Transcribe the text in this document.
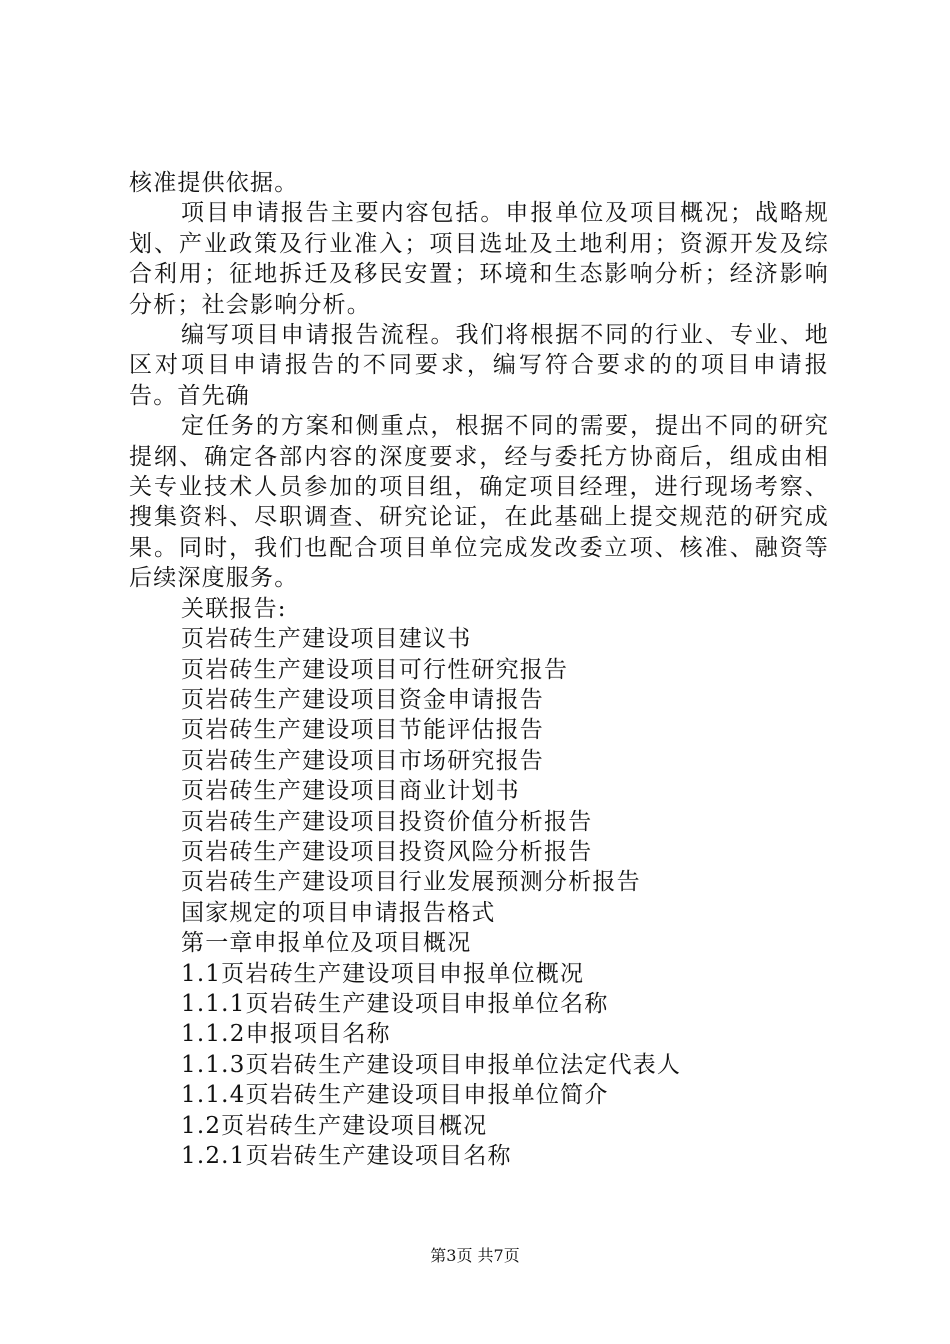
核准提供依据。

项目申请报告主要内容包括。申报单位及项目概况；战略规划、产业政策及行业准入；项目选址及土地利用；资源开发及综合利用；征地拆迁及移民安置；环境和生态影响分析；经济影响分析；社会影响分析。

编写项目申请报告流程。我们将根据不同的行业、专业、地区对项目申请报告的不同要求，编写符合要求的的项目申请报告。首先确

定任务的方案和侧重点，根据不同的需要，提出不同的研究提纲、确定各部内容的深度要求，经与委托方协商后，组成由相关专业技术人员参加的项目组，确定项目经理，进行现场考察、搜集资料、尽职调查、研究论证，在此基础上提交规范的研究成果。同时，我们也配合项目单位完成发改委立项、核准、融资等后续深度服务。

关联报告:

页岩砖生产建设项目建议书

页岩砖生产建设项目可行性研究报告

页岩砖生产建设项目资金申请报告

页岩砖生产建设项目节能评估报告

页岩砖生产建设项目市场研究报告

页岩砖生产建设项目商业计划书

页岩砖生产建设项目投资价值分析报告

页岩砖生产建设项目投资风险分析报告

页岩砖生产建设项目行业发展预测分析报告

国家规定的项目申请报告格式

第一章申报单位及项目概况

1.1页岩砖生产建设项目申报单位概况

1.1.1页岩砖生产建设项目申报单位名称

1.1.2申报项目名称

1.1.3页岩砖生产建设项目申报单位法定代表人

1.1.4页岩砖生产建设项目申报单位简介

1.2页岩砖生产建设项目概况

1.2.1页岩砖生产建设项目名称

第3页 共7页
